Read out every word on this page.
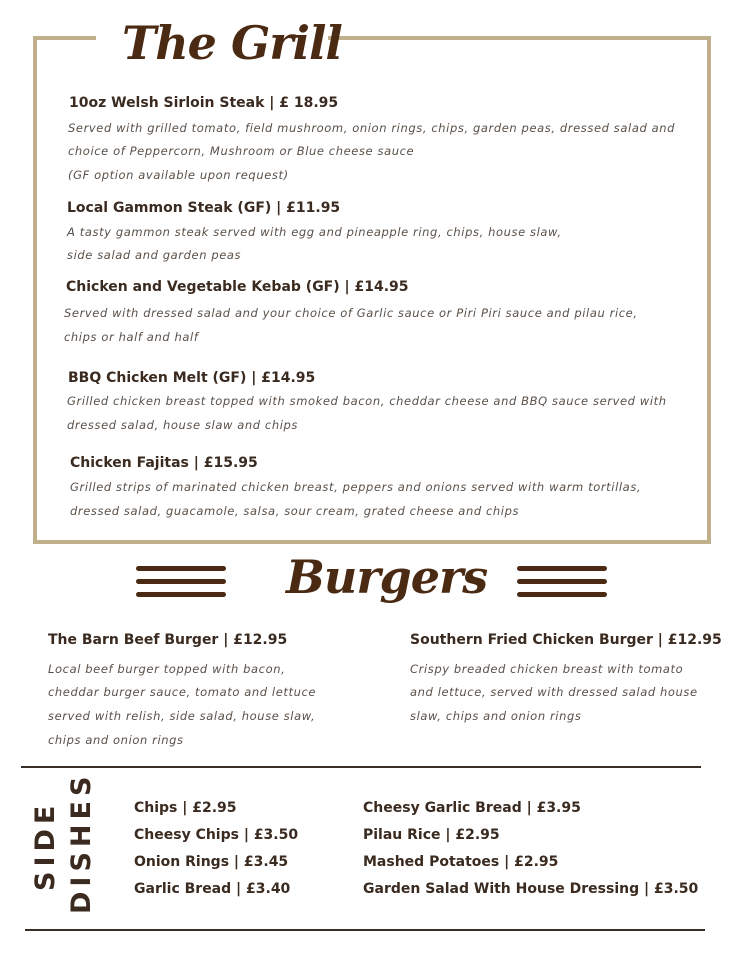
The Grill
10oz Welsh Sirloin Steak | £ 18.95
Served with grilled tomato, field mushroom, onion rings, chips, garden peas, dressed salad and
choice of Peppercorn, Mushroom or Blue cheese sauce
(GF option available upon request)
Local Gammon Steak (GF) | £11.95
A tasty gammon steak served with egg and pineapple ring, chips, house slaw,
side salad and garden peas
Chicken and Vegetable Kebab (GF) | £14.95
Served with dressed salad and your choice of Garlic sauce or Piri Piri sauce and pilau rice,
chips or half and half
BBQ Chicken Melt (GF) | £14.95
Grilled chicken breast topped with smoked bacon, cheddar cheese and BBQ sauce served with
dressed salad, house slaw and chips
Chicken Fajitas | £15.95
Grilled strips of marinated chicken breast, peppers and onions served with warm tortillas,
dressed salad, guacamole, salsa, sour cream, grated cheese and chips
Burgers
The Barn Beef Burger | £12.95
Local beef burger topped with bacon,
cheddar burger sauce, tomato and lettuce
served with relish, side salad, house slaw,
chips and onion rings
Southern Fried Chicken Burger | £12.95
Crispy breaded chicken breast with tomato
and lettuce, served with dressed salad house
slaw, chips and onion rings
SIDE DISHES	Chips | £2.95
Cheesy Chips | £3.50
Onion Rings | £3.45
Garlic Bread | £3.40
Cheesy Garlic Bread | £3.95
Pilau Rice | £2.95
Mashed Potatoes | £2.95
Garden Salad With House Dressing | £3.50
